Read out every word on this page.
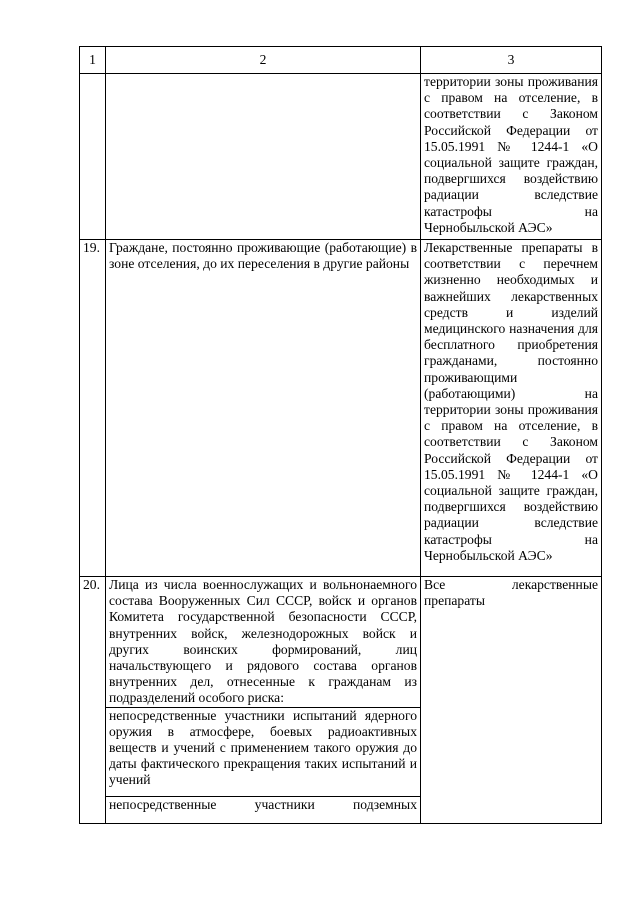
1	2	3
		территории зоны проживания с правом на отселение, в соответствии с Законом Российской Федерации от 15.05.1991 № 1244-1 «О социальной защите граждан, подвергшихся воздействию радиации вследствие катастрофы на Чернобыльской АЭС»
19.	Граждане, постоянно проживающие (работающие) в зоне отселения, до их переселения в другие районы	Лекарственные препараты в соответствии с перечнем жизненно необходимых и важнейших лекарственных средств и изделий медицинского назначения для бесплатного приобретения гражданами, постоянно проживающими (работающими) на территории зоны проживания с правом на отселение, в соответствии с Законом Российской Федерации от 15.05.1991 № 1244-1 «О социальной защите граждан, подвергшихся воздействию радиации вследствие катастрофы на Чернобыльской АЭС»
20.	Лица из числа военнослужащих и вольнонаемного состава Вооруженных Сил СССР, войск и органов Комитета государственной безопасности СССР, внутренних войск, железнодорожных войск и других воинских формирований, лиц начальствующего и рядового состава органов внутренних дел, отнесенные к гражданам из подразделений особого риска:	Все лекарственные препараты
	непосредственные участники испытаний ядерного оружия в атмосфере, боевых радиоактивных веществ и учений с применением такого оружия до даты фактического прекращения таких испытаний и учений	
	непосредственные участники подземных	
